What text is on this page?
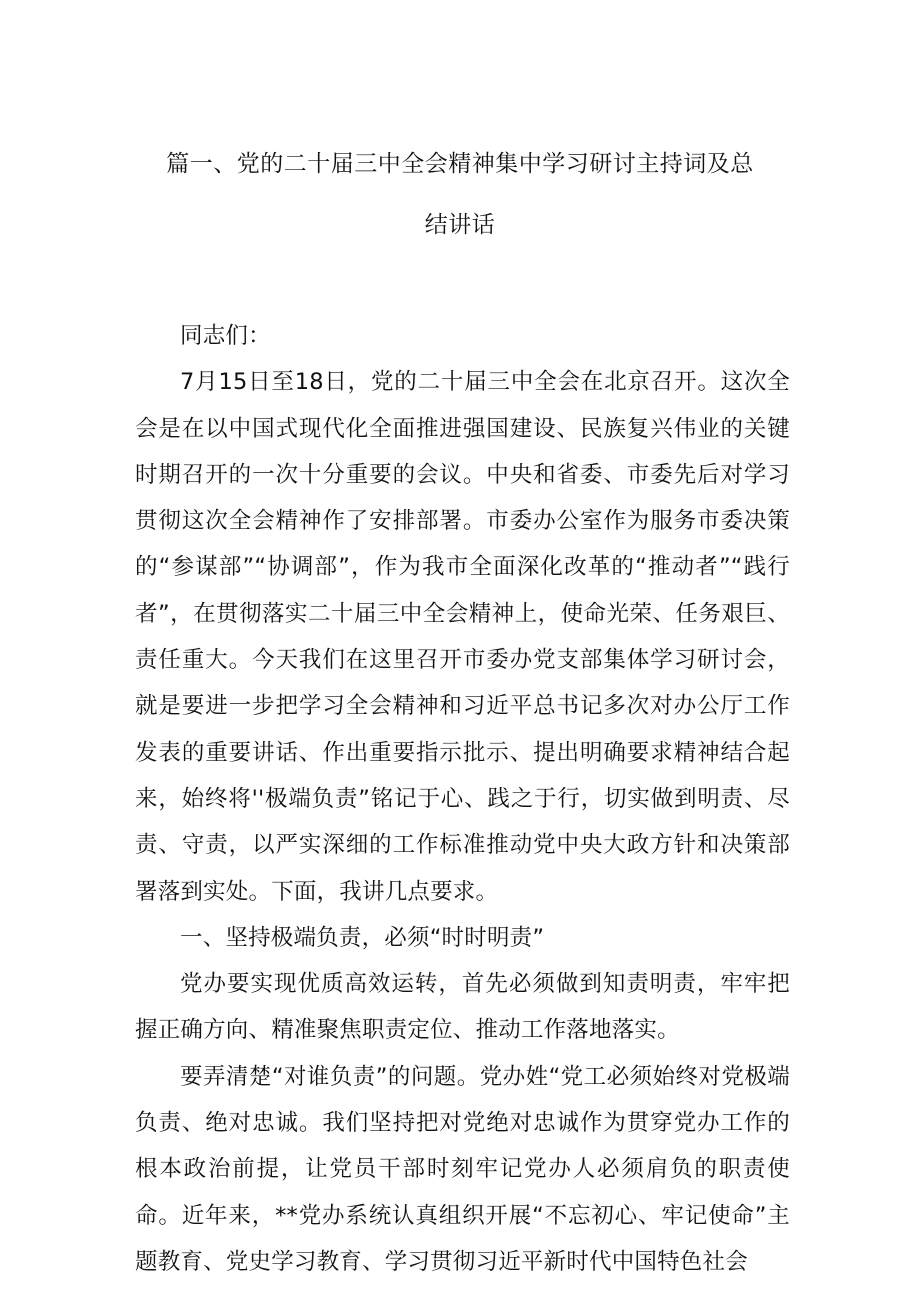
篇一、党的二十届三中全会精神集中学习研讨主持词及总
结讲话

同志们：

7月15日至18日，党的二十届三中全会在北京召开。这次全会是在以中国式现代化全面推进强国建设、民族复兴伟业的关键时期召开的一次十分重要的会议。中央和省委、市委先后对学习贯彻这次全会精神作了安排部署。市委办公室作为服务市委决策的“参谋部”“协调部”，作为我市全面深化改革的“推动者”“践行者”，在贯彻落实二十届三中全会精神上，使命光荣、任务艰巨、责任重大。今天我们在这里召开市委办党支部集体学习研讨会，就是要进一步把学习全会精神和习近平总书记多次对办公厅工作发表的重要讲话、作出重要指示批示、提出明确要求精神结合起来，始终将''极端负责”铭记于心、践之于行，切实做到明责、尽责、守责，以严实深细的工作标准推动党中央大政方针和决策部署落到实处。下面，我讲几点要求。

一、坚持极端负责，必须“时时明责”

党办要实现优质高效运转，首先必须做到知责明责，牢牢把握正确方向、精准聚焦职责定位、推动工作落地落实。

要弄清楚“对谁负责”的问题。党办姓“党工必须始终对党极端负责、绝对忠诚。我们坚持把对党绝对忠诚作为贯穿党办工作的根本政治前提，让党员干部时刻牢记党办人必须肩负的职责使命。近年来，**党办系统认真组织开展“不忘初心、牢记使命”主题教育、党史学习教育、学习贯彻习近平新时代中国特色社会
